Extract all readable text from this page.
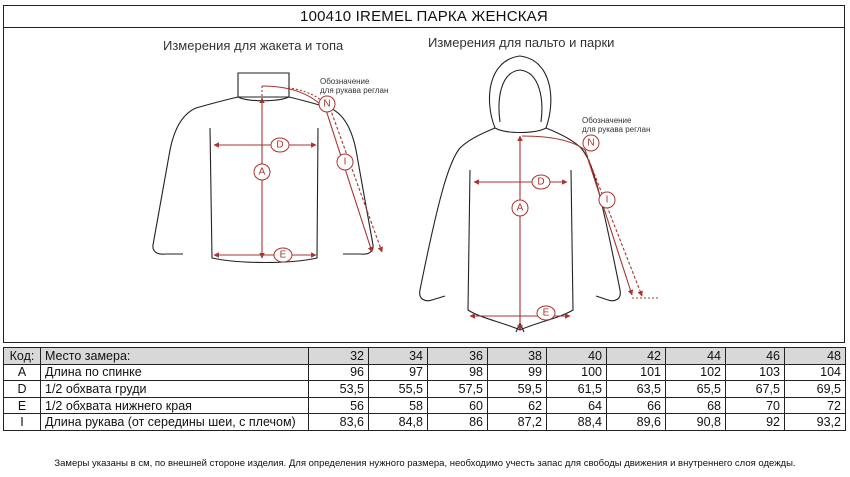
100410 IREMEL ПАРКА ЖЕНСКАЯ
Измерения для жакета и топа	Измерения для пальто и парки
A
D
E
N
I
Обозначение
для рукава реглан
A
D
E
N
I
Обозначение
для рукава реглан
Код:	Место замера:	32	34	36	38	40	42	44	46	48
A	Длина по спинке	96	97	98	99	100	101	102	103	104
D	1/2 обхвата груди	53,5	55,5	57,5	59,5	61,5	63,5	65,5	67,5	69,5
E	1/2 обхвата нижнего края	56	58	60	62	64	66	68	70	72
I	Длина рукава (от середины шеи, с плечом)	83,6	84,8	86	87,2	88,4	89,6	90,8	92	93,2
Замеры указаны в см, по внешней стороне изделия. Для определения нужного размера, необходимо учесть запас для свободы движения и внутреннего слоя одежды.
